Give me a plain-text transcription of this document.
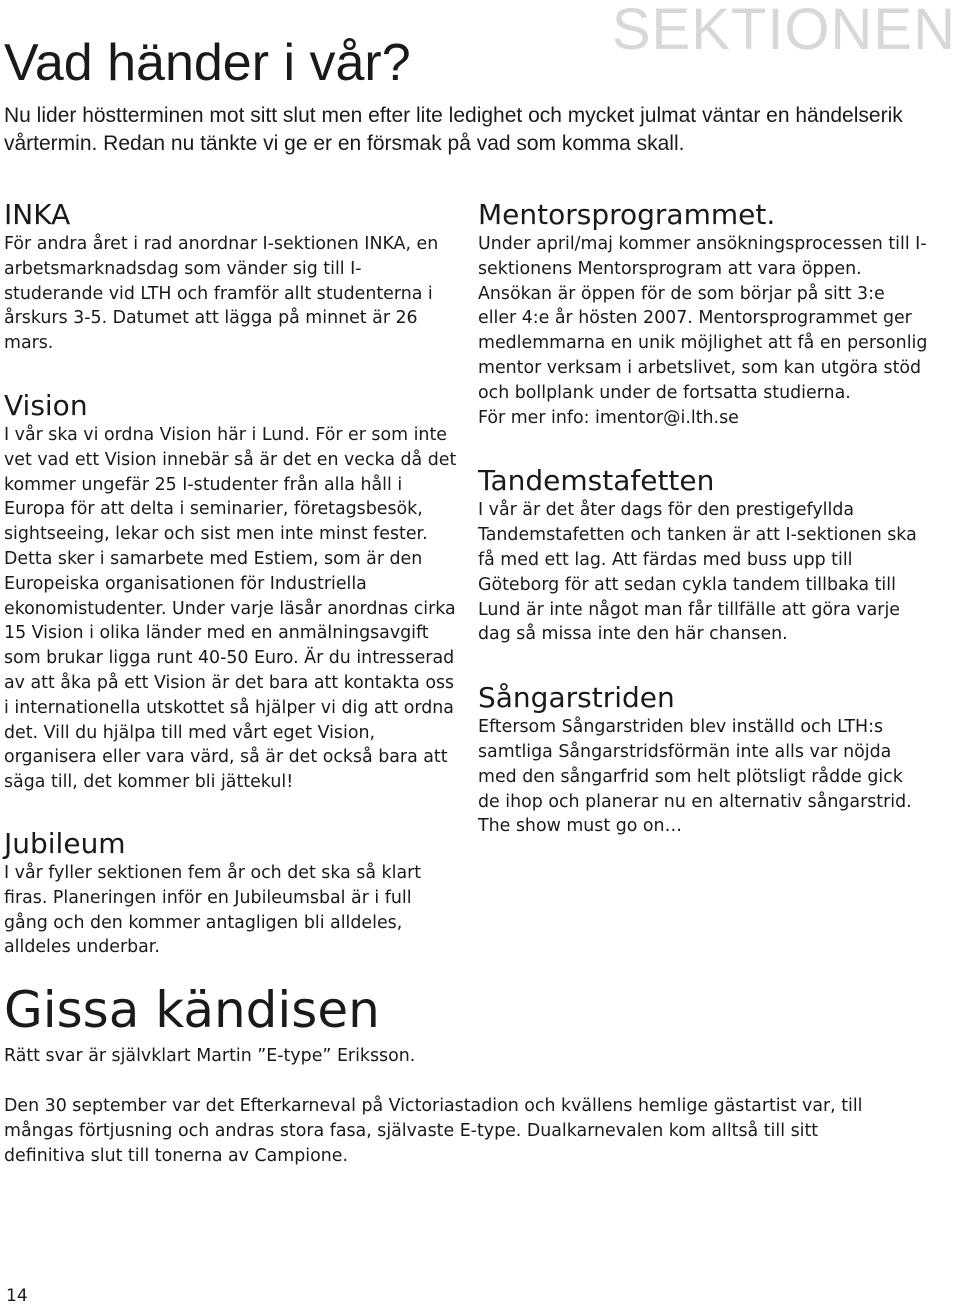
SEKTIONEN
Vad händer i vår?

Nu lider höstterminen mot sitt slut men efter lite ledighet och mycket julmat väntar en händelserik vårtermin. Redan nu tänkte vi ge er en försmak på vad som komma skall.

INKA

För andra året i rad anordnar I-sektionen INKA, en arbetsmarknadsdag som vänder sig till I-studerande vid LTH och framför allt studenterna i årskurs 3-5. Datumet att lägga på minnet är 26 mars.

Vision

I vår ska vi ordna Vision här i Lund. För er som inte vet vad ett Vision innebär så är det en vecka då det kommer ungefär 25 I-studenter från alla håll i Europa för att delta i seminarier, företagsbesök, sightseeing, lekar och sist men inte minst fester. Detta sker i samarbete med Estiem, som är den Europeiska organisationen för Industriella ekonomistudenter. Under varje läsår anordnas cirka 15 Vision i olika länder med en anmälningsavgift som brukar ligga runt 40-50 Euro. Är du intresserad av att åka på ett Vision är det bara att kontakta oss i internationella utskottet så hjälper vi dig att ordna det. Vill du hjälpa till med vårt eget Vision, organisera eller vara värd, så är det också bara att säga till, det kommer bli jättekul!

Jubileum

I vår fyller sektionen fem år och det ska så klart firas. Planeringen inför en Jubileumsbal är i full gång och den kommer antagligen bli alldeles, alldeles underbar.

Mentorsprogrammet.

Under april/maj kommer ansökningsprocessen till I-sektionens Mentorsprogram att vara öppen. Ansökan är öppen för de som börjar på sitt 3:e eller 4:e år hösten 2007. Mentorsprogrammet ger medlemmarna en unik möjlighet att få en personlig mentor verksam i arbetslivet, som kan utgöra stöd och bollplank under de fortsatta studierna.

För mer info: imentor@i.lth.se

Tandemstafetten

I vår är det åter dags för den prestigefyllda Tandemstafetten och tanken är att I-sektionen ska få med ett lag. Att färdas med buss upp till Göteborg för att sedan cykla tandem tillbaka till Lund är inte något man får tillfälle att göra varje dag så missa inte den här chansen.

Sångarstriden

Eftersom Sångarstriden blev inställd och LTH:s samtliga Sångarstridsförmän inte alls var nöjda med den sångarfrid som helt plötsligt rådde gick de ihop och planerar nu en alternativ sångarstrid.

The show must go on…

Gissa kändisen

Rätt svar är självklart Martin ”E-type” Eriksson.

Den 30 september var det Efterkarneval på Victoriastadion och kvällens hemlige gästartist var, till mångas förtjusning och andras stora fasa, självaste E-type. Dualkarnevalen kom alltså till sitt definitiva slut till tonerna av Campione.

14
